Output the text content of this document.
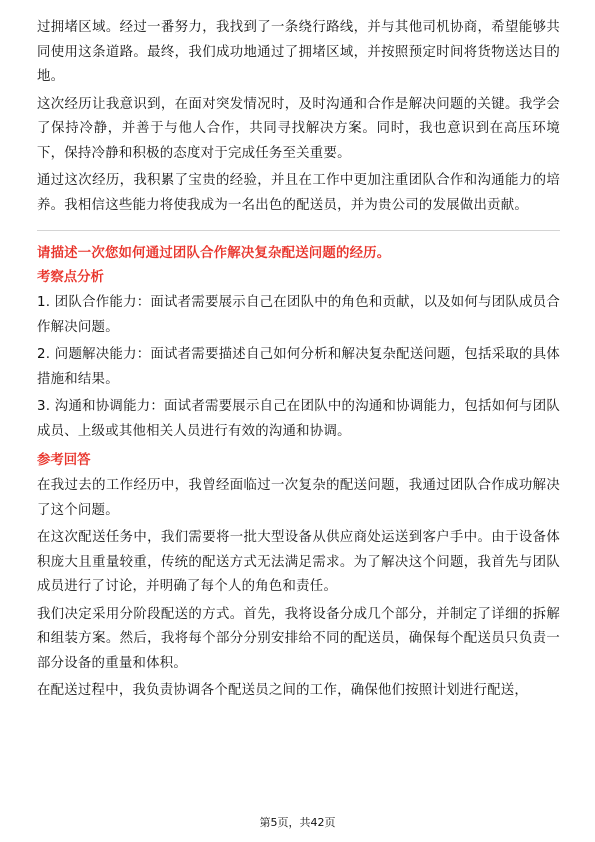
过拥堵区域。经过一番努力，我找到了一条绕行路线，并与其他司机协商，希望能够共同使用这条道路。最终，我们成功地通过了拥堵区域，并按照预定时间将货物送达目的地。

这次经历让我意识到，在面对突发情况时，及时沟通和合作是解决问题的关键。我学会了保持冷静，并善于与他人合作，共同寻找解决方案。同时，我也意识到在高压环境下，保持冷静和积极的态度对于完成任务至关重要。

通过这次经历，我积累了宝贵的经验，并且在工作中更加注重团队合作和沟通能力的培养。我相信这些能力将使我成为一名出色的配送员，并为贵公司的发展做出贡献。

请描述一次您如何通过团队合作解决复杂配送问题的经历。

考察点分析

1. 团队合作能力：面试者需要展示自己在团队中的角色和贡献，以及如何与团队成员合作解决问题。

2. 问题解决能力：面试者需要描述自己如何分析和解决复杂配送问题，包括采取的具体措施和结果。

3. 沟通和协调能力：面试者需要展示自己在团队中的沟通和协调能力，包括如何与团队成员、上级或其他相关人员进行有效的沟通和协调。

参考回答

在我过去的工作经历中，我曾经面临过一次复杂的配送问题，我通过团队合作成功解决了这个问题。

在这次配送任务中，我们需要将一批大型设备从供应商处运送到客户手中。由于设备体积庞大且重量较重，传统的配送方式无法满足需求。为了解决这个问题，我首先与团队成员进行了讨论，并明确了每个人的角色和责任。

我们决定采用分阶段配送的方式。首先，我将设备分成几个部分，并制定了详细的拆解和组装方案。然后，我将每个部分分别安排给不同的配送员，确保每个配送员只负责一部分设备的重量和体积。

在配送过程中，我负责协调各个配送员之间的工作，确保他们按照计划进行配送，

第5页，共42页
